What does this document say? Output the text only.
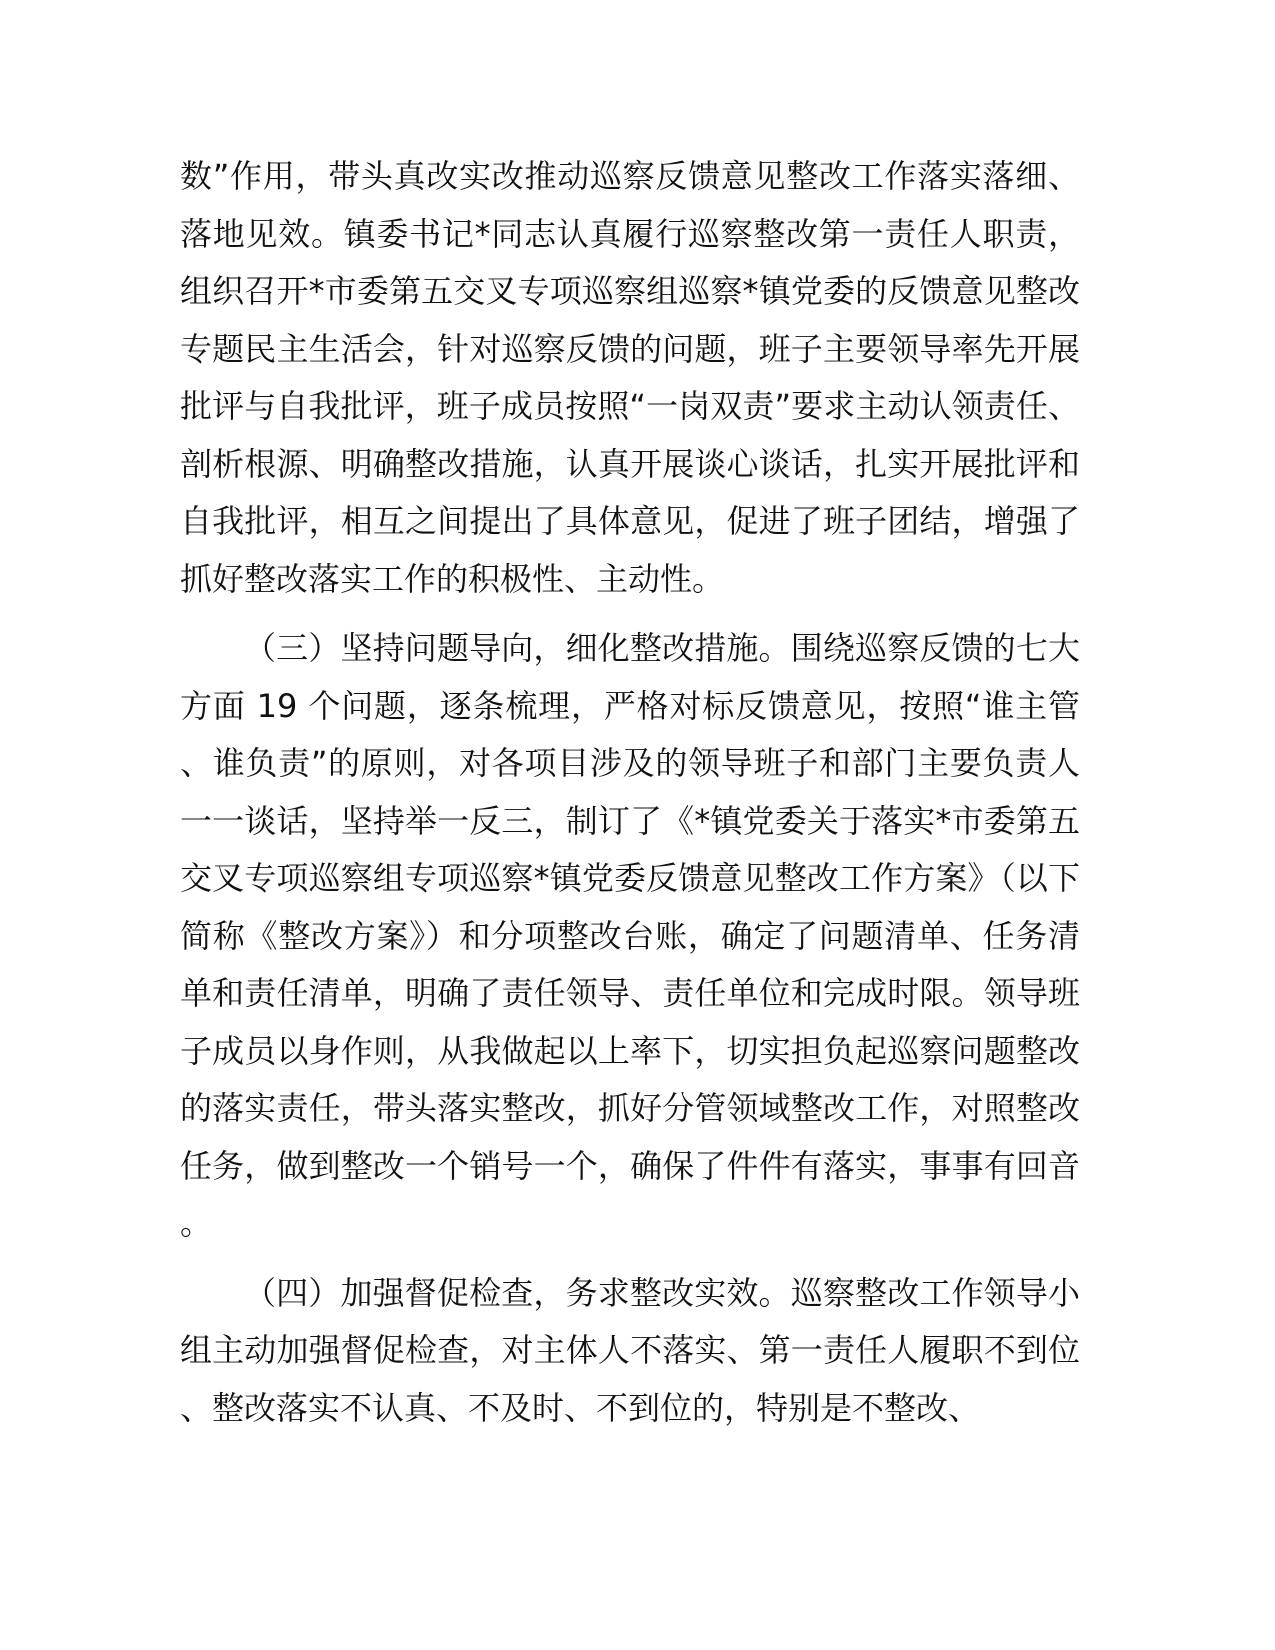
数”作用，带头真改实改推动巡察反馈意见整改工作落实落细、落地见效。镇委书记*同志认真履行巡察整改第一责任人职责，组织召开*市委第五交叉专项巡察组巡察*镇党委的反馈意见整改专题民主生活会，针对巡察反馈的问题，班子主要领导率先开展批评与自我批评，班子成员按照“一岗双责”要求主动认领责任、剖析根源、明确整改措施，认真开展谈心谈话，扎实开展批评和自我批评，相互之间提出了具体意见，促进了班子团结，增强了抓好整改落实工作的积极性、主动性。

（三）坚持问题导向，细化整改措施。围绕巡察反馈的七大方面 19 个问题，逐条梳理，严格对标反馈意见，按照“谁主管、谁负责”的原则，对各项目涉及的领导班子和部门主要负责人一一谈话，坚持举一反三，制订了《*镇党委关于落实*市委第五交叉专项巡察组专项巡察*镇党委反馈意见整改工作方案》（以下简称《整改方案》）和分项整改台账，确定了问题清单、任务清单和责任清单，明确了责任领导、责任单位和完成时限。领导班子成员以身作则，从我做起以上率下，切实担负起巡察问题整改的落实责任，带头落实整改，抓好分管领域整改工作，对照整改任务，做到整改一个销号一个，确保了件件有落实，事事有回音。

（四）加强督促检查，务求整改实效。巡察整改工作领导小组主动加强督促检查，对主体人不落实、第一责任人履职不到位、整改落实不认真、不及时、不到位的，特别是不整改、
